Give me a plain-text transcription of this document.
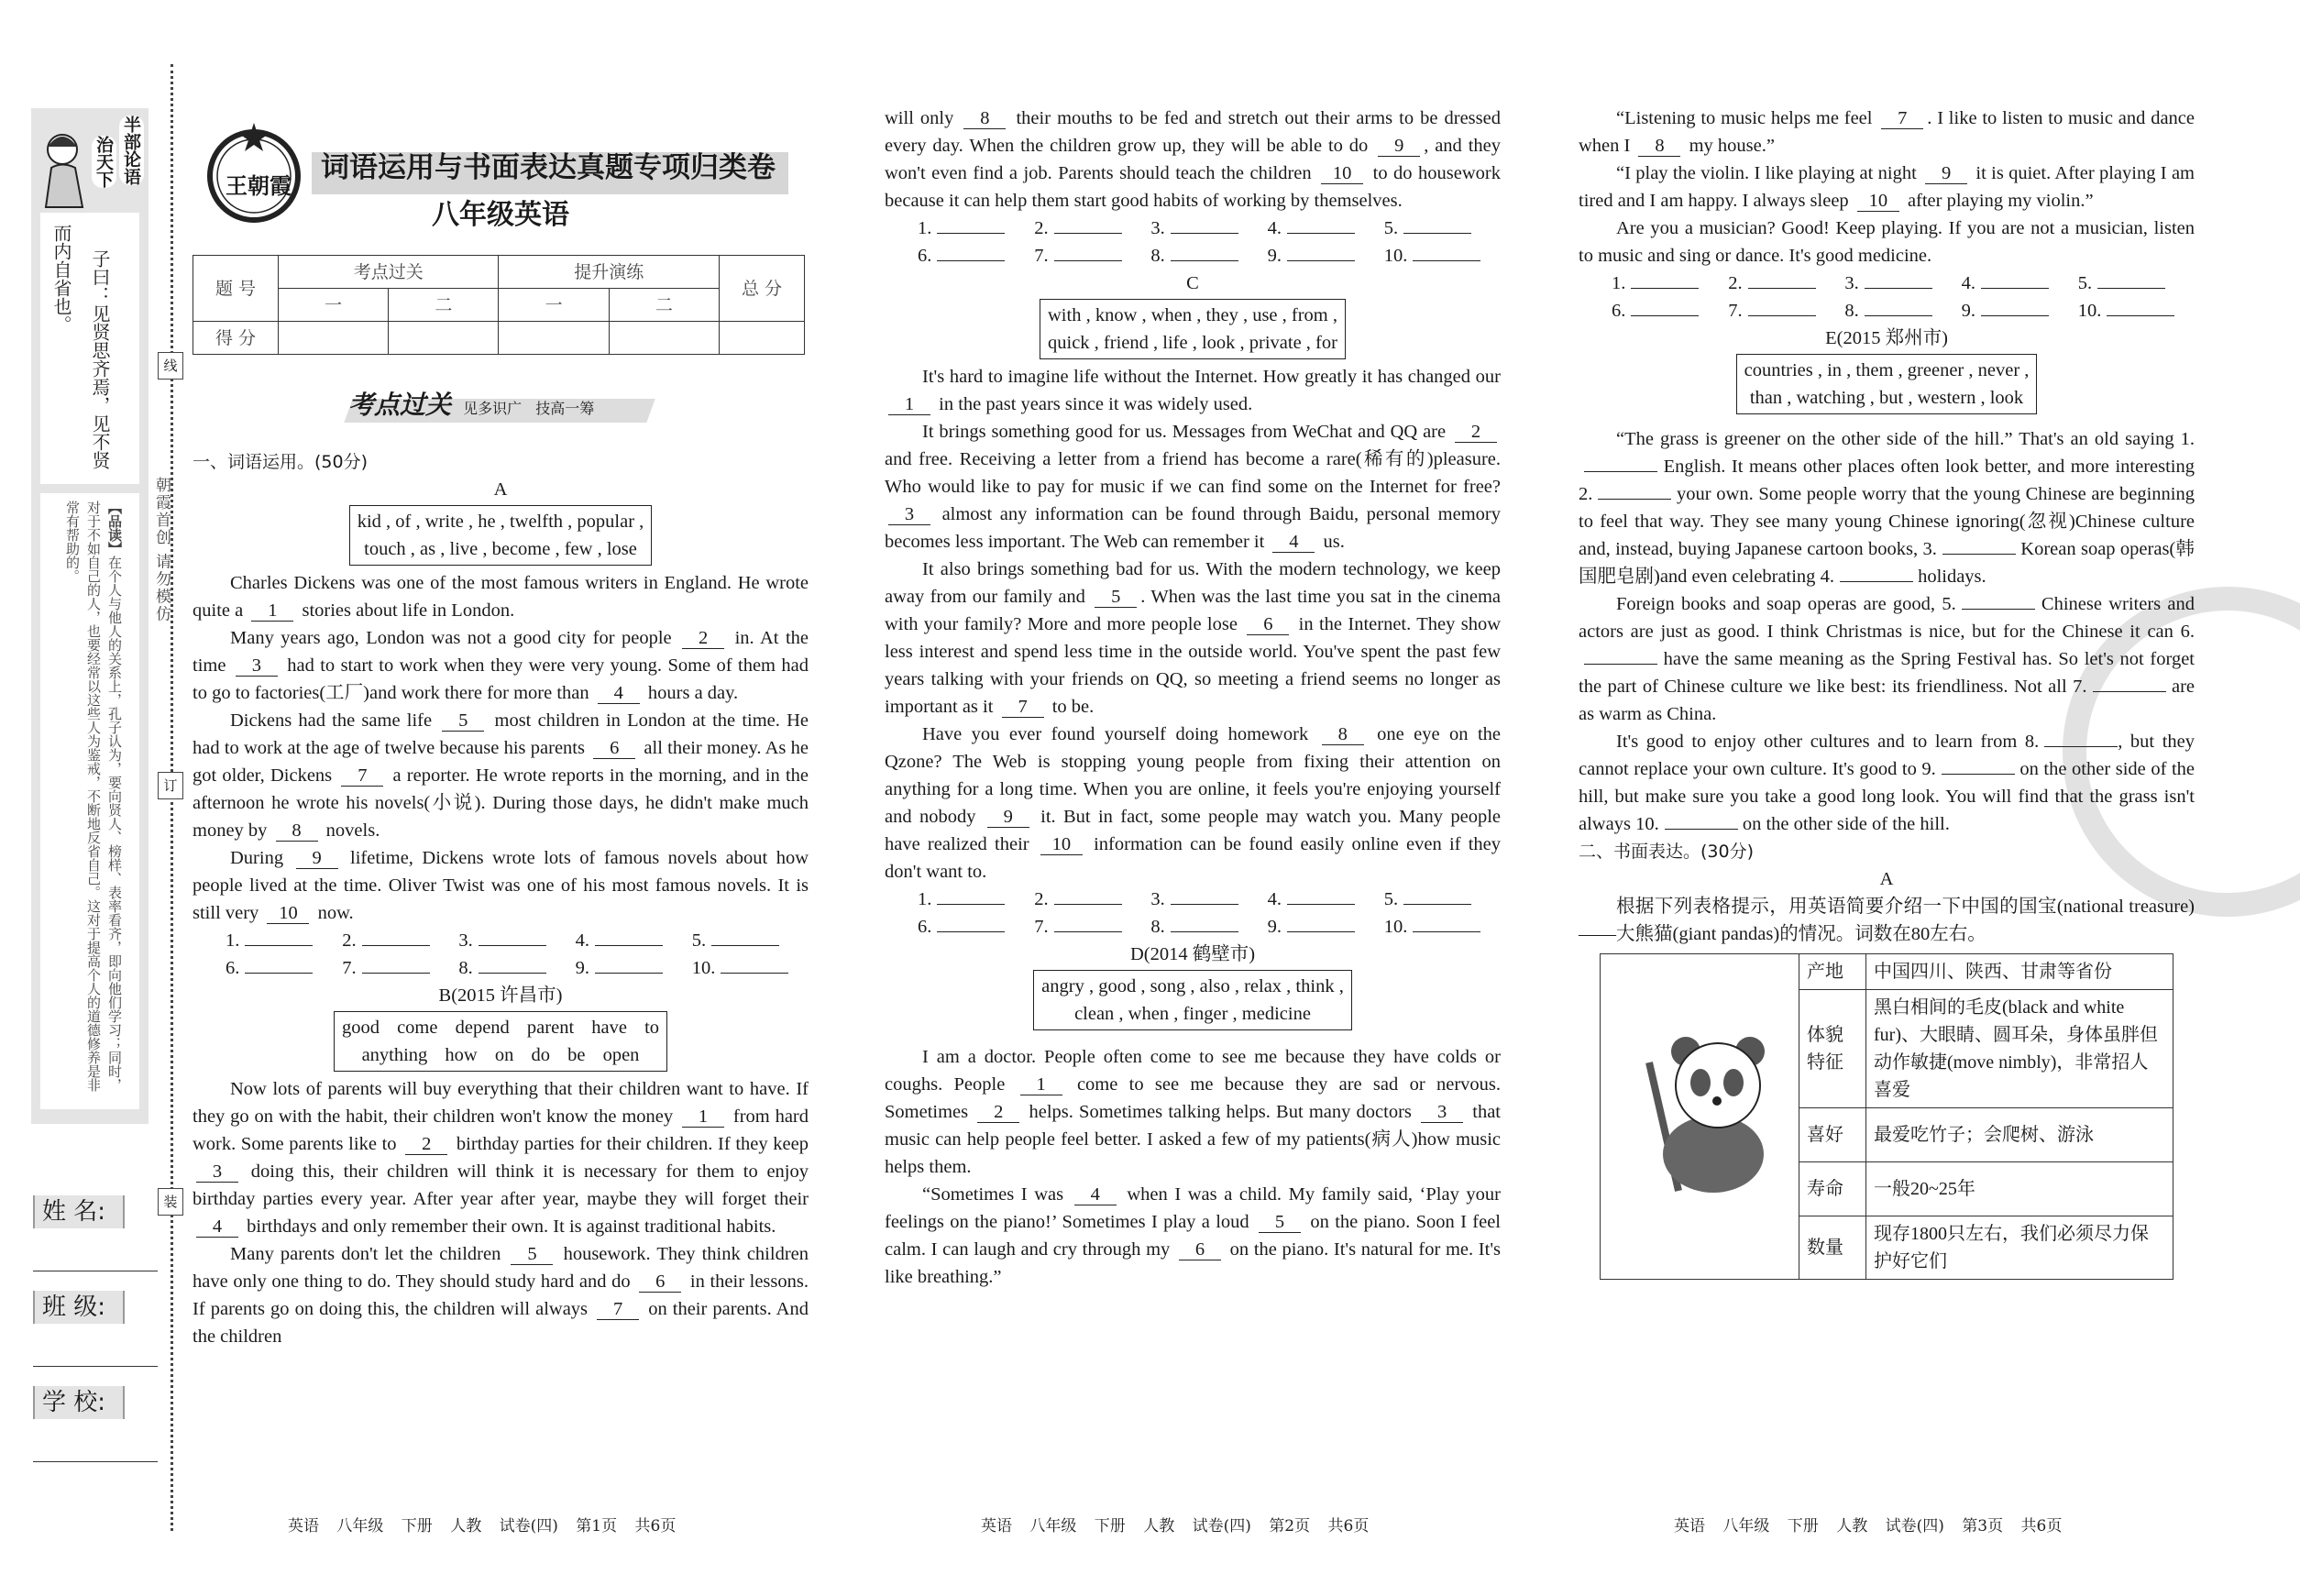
线
订
装
朝霞首创 请勿模仿
半部论语
治天下
子曰：见贤思齐焉，见不贤
而内自省也。
【品读】在个人与他人的关系上，孔子认为，要向贤人、榜样、表率看齐，即向他们学习；同时，对于不如自己的人，也要经常以这些人为鉴戒，不断地反省自己。这对于提高个人的道德修养是非常有帮助的。
姓 名:
班 级:
学 校:
王朝霞
词语运用与书面表达真题专项归类卷
八年级英语
题 号	考点过关		提升演练		总 分
	一	二	一	二	
得 分					
考点过关 见多识广 技高一筹
一、词语运用。(50分)
A
kid , of , write , he , twelfth , popular ,
touch , as , live , become , few , lose

Charles Dickens was one of the most famous writers in England. He wrote quite a 1 stories about life in London.

Many years ago, London was not a good city for people 2 in. At the time 3 had to start to work when they were very young. Some of them had to go to factories(工厂)and work there for more than 4 hours a day.

Dickens had the same life 5 most children in London at the time. He had to work at the age of twelve because his parents 6 all their money. As he got older, Dickens 7 a reporter. He wrote reports in the morning, and in the afternoon he wrote his novels(小说). During those days, he didn't make much money by 8 novels.

During 9 lifetime, Dickens wrote lots of famous novels about how people lived at the time. Oliver Twist was one of his most famous novels. It is still very 10 now.

1.	2.	3.	4.	5.
6.	7.	8.	9.	10.
B(2015 许昌市)
good come depend parent have to
anything how on do be open

Now lots of parents will buy everything that their children want to have. If they go on with the habit, their children won't know the money 1 from hard work. Some parents like to 2 birthday parties for their children. If they keep 3 doing this, their children will think it is necessary for them to enjoy birthday parties every year. After year after year, maybe they will forget their 4 birthdays and only remember their own. It is against traditional habits.

Many parents don't let the children 5 housework. They think children have only one thing to do. They should study hard and do 6 in their lessons. If parents go on doing this, the children will always 7 on their parents. And the children

will only 8 their mouths to be fed and stretch out their arms to be dressed every day. When the children grow up, they will be able to do 9 , and they won't even find a job. Parents should teach the children 10 to do housework because it can help them start good habits of working by themselves.

1.	2.	3.	4.	5.
6.	7.	8.	9.	10.
C
with , know , when , they , use , from ,
quick , friend , life , look , private , for

It's hard to imagine life without the Internet. How greatly it has changed our 1 in the past years since it was widely used.

It brings something good for us. Messages from WeChat and QQ are 2 and free. Receiving a letter from a friend has become a rare(稀有的)pleasure. Who would like to pay for music if we can find some on the Internet for free? 3 almost any information can be found through Baidu, personal memory becomes less important. The Web can remember it 4 us.

It also brings something bad for us. With the modern technology, we keep away from our family and 5 . When was the last time you sat in the cinema with your family? More and more people lose 6 in the Internet. They show less interest and spend less time in the outside world. You've spent the past few years talking with your friends on QQ, so meeting a friend seems no longer as important as it 7 to be.

Have you ever found yourself doing homework 8 one eye on the Qzone? The Web is stopping young people from fixing their attention on anything for a long time. When you are online, it feels you're enjoying yourself and nobody 9 it. But in fact, some people may watch you. Many people have realized their 10 information can be found easily online even if they don't want to.

1.	2.	3.	4.	5.
6.	7.	8.	9.	10.
D(2014 鹤壁市)
angry , good , song , also , relax , think ,
clean , when , finger , medicine

I am a doctor. People often come to see me because they have colds or coughs. People 1 come to see me because they are sad or nervous. Sometimes 2 helps. Sometimes talking helps. But many doctors 3 that music can help people feel better. I asked a few of my patients(病人)how music helps them.

“Sometimes I was 4 when I was a child. My family said, ‘Play your feelings on the piano!’ Sometimes I play a loud 5 on the piano. Soon I feel calm. I can laugh and cry through my 6 on the piano. It's natural for me. It's like breathing.”

“Listening to music helps me feel 7 . I like to listen to music and dance when I 8 my house.”

“I play the violin. I like playing at night 9 it is quiet. After playing I am tired and I am happy. I always sleep 10 after playing my violin.”

Are you a musician? Good! Keep playing. If you are not a musician, listen to music and sing or dance. It's good medicine.

1.	2.	3.	4.	5.
6.	7.	8.	9.	10.
E(2015 郑州市)
countries , in , them , greener , never ,
than , watching , but , western , look

“The grass is greener on the other side of the hill.” That's an old saying 1. English. It means other places often look better, and more interesting 2.	your own. Some people worry that the young Chinese are beginning to feel that way. They see many young Chinese ignoring(忽视)Chinese culture and, instead, buying Japanese cartoon books, 3.	Korean soap operas(韩国肥皂剧)and even celebrating 4.	holidays.

Foreign books and soap operas are good, 5.	Chinese writers and actors are just as good. I think Christmas is nice, but for the Chinese it can 6. have the same meaning as the Spring Festival has. So let's not forget the part of Chinese culture we like best: its friendliness. Not all 7.	are as warm as China.

It's good to enjoy other cultures and to learn from 8.	, but they cannot replace your own culture. It's good to 9.	on the other side of the hill, but make sure you take a good long look. You will find that the grass isn't always 10.	on the other side of the hill.

二、书面表达。(30分)
A

根据下列表格提示，用英语简要介绍一下中国的国宝(national treasure)——大熊猫(giant pandas)的情况。词数在80左右。

	产地	中国四川、陕西、甘肃等省份
	体貌特征	黑白相间的毛皮(black and white fur)、大眼睛、圆耳朵，身体虽胖但动作敏捷(move nimbly)，非常招人喜爱
	喜好	最爱吃竹子；会爬树、游泳
	寿命	一般20~25年
	数量	现存1800只左右，我们必须尽力保护好它们
英语 八年级 下册 人教 试卷(四) 第1页 共6页	英语 八年级 下册 人教 试卷(四) 第2页 共6页	英语 八年级 下册 人教 试卷(四) 第3页 共6页
